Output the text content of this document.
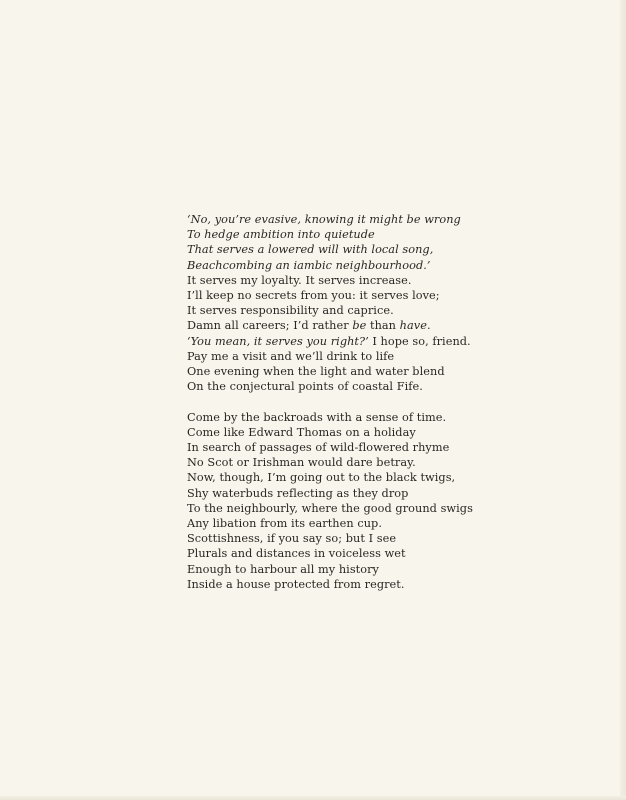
‘No, you’re evasive, knowing it might be wrong
To hedge ambition into quietude
That serves a lowered will with local song,
Beachcombing an iambic neighbourhood.’
It serves my loyalty. It serves increase.
I’ll keep no secrets from you: it serves love;
It serves responsibility and caprice.
Damn all careers; I’d rather be than have.
‘You mean, it serves you right?’ I hope so, friend.
Pay me a visit and we’ll drink to life
One evening when the light and water blend
On the conjectural points of coastal Fife.
Come by the backroads with a sense of time.
Come like Edward Thomas on a holiday
In search of passages of wild-flowered rhyme
No Scot or Irishman would dare betray.
Now, though, I’m going out to the black twigs,
Shy waterbuds reflecting as they drop
To the neighbourly, where the good ground swigs
Any libation from its earthen cup.
Scottishness, if you say so; but I see
Plurals and distances in voiceless wet
Enough to harbour all my history
Inside a house protected from regret.
